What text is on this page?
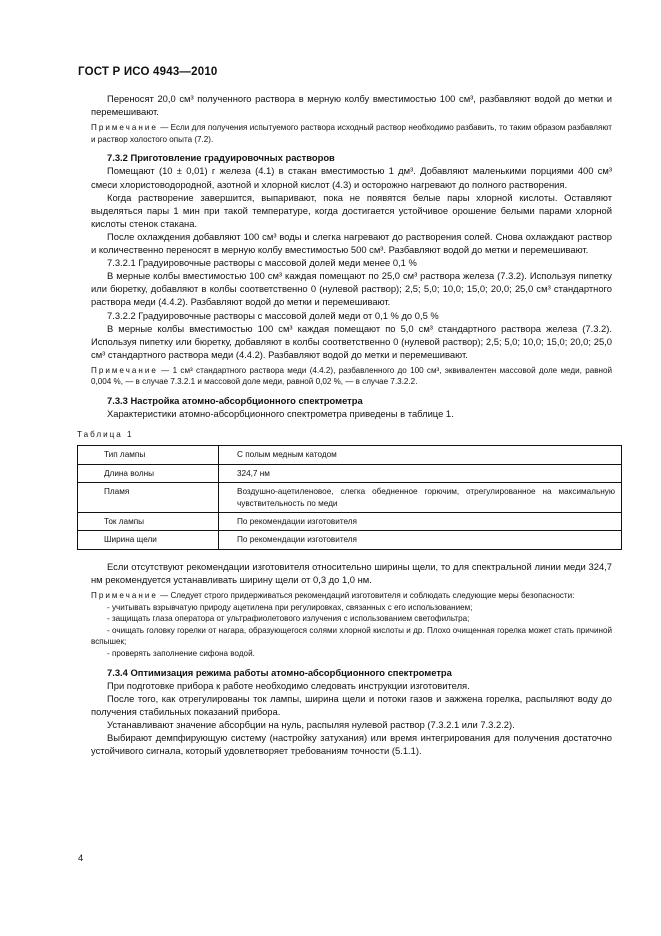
ГОСТ Р ИСО 4943—2010

Переносят 20,0 см³ полученного раствора в мерную колбу вместимостью 100 см³, разбавляют водой до метки и перемешивают.

Примечание — Если для получения испытуемого раствора исходный раствор необходимо разбавить, то таким образом разбавляют и раствор холостого опыта (7.2).

7.3.2 Приготовление градуировочных растворов

Помещают (10 ± 0,01) г железа (4.1) в стакан вместимостью 1 дм³. Добавляют маленькими порциями 400 см³ смеси хлористоводородной, азотной и хлорной кислот (4.3) и осторожно нагревают до полного растворения.

Когда растворение завершится, выпаривают, пока не появятся белые пары хлорной кислоты. Оставляют выделяться пары 1 мин при такой температуре, когда достигается устойчивое орошение белыми парами хлорной кислоты стенок стакана.

После охлаждения добавляют 100 см³ воды и слегка нагревают до растворения солей. Снова охлаждают раствор и количественно переносят в мерную колбу вместимостью 500 см³. Разбавляют водой до метки и перемешивают.

7.3.2.1 Градуировочные растворы с массовой долей меди менее 0,1 %

В мерные колбы вместимостью 100 см³ каждая помещают по 25,0 см³ раствора железа (7.3.2). Используя пипетку или бюретку, добавляют в колбы соответственно 0 (нулевой раствор); 2,5; 5,0; 10,0; 15,0; 20,0; 25,0 см³ стандартного раствора меди (4.4.2). Разбавляют водой до метки и перемешивают.

7.3.2.2 Градуировочные растворы с массовой долей меди от 0,1 % до 0,5 %

В мерные колбы вместимостью 100 см³ каждая помещают по 5,0 см³ стандартного раствора железа (7.3.2). Используя пипетку или бюретку, добавляют в колбы соответственно 0 (нулевой раствор); 2,5; 5,0; 10,0; 15,0; 20,0; 25,0 см³ стандартного раствора меди (4.4.2). Разбавляют водой до метки и перемешивают.

Примечание — 1 см³ стандартного раствора меди (4.4.2), разбавленного до 100 см³, эквивалентен массовой доле меди, равной 0,004 %, — в случае 7.3.2.1 и массовой доле меди, равной 0,02 %, — в случае 7.3.2.2.

7.3.3 Настройка атомно-абсорбционного спектрометра

Характеристики атомно-абсорбционного спектрометра приведены в таблице 1.

Таблица 1

Тип лампы	С полым медным катодом
Длина волны	324,7 нм
Пламя	Воздушно-ацетиленовое, слегка обедненное горючим, отрегулированное на максимальную чувствительность по меди
Ток лампы	По рекомендации изготовителя
Ширина щели	По рекомендации изготовителя

Если отсутствуют рекомендации изготовителя относительно ширины щели, то для спектральной линии меди 324,7 нм рекомендуется устанавливать ширину щели от 0,3 до 1,0 нм.

Примечание — Следует строго придерживаться рекомендаций изготовителя и соблюдать следующие меры безопасности:

- учитывать взрывчатую природу ацетилена при регулировках, связанных с его использованием;

- защищать глаза оператора от ультрафиолетового излучения с использованием светофильтра;

- очищать головку горелки от нагара, образующегося солями хлорной кислоты и др. Плохо очищенная горелка может стать причиной вспышек;

- проверять заполнение сифона водой.

7.3.4 Оптимизация режима работы атомно-абсорбционного спектрометра

При подготовке прибора к работе необходимо следовать инструкции изготовителя.

После того, как отрегулированы ток лампы, ширина щели и потоки газов и зажжена горелка, распыляют воду до получения стабильных показаний прибора.

Устанавливают значение абсорбции на нуль, распыляя нулевой раствор (7.3.2.1 или 7.3.2.2).

Выбирают демпфирующую систему (настройку затухания) или время интегрирования для получения достаточно устойчивого сигнала, который удовлетворяет требованиям точности (5.1.1).

4
